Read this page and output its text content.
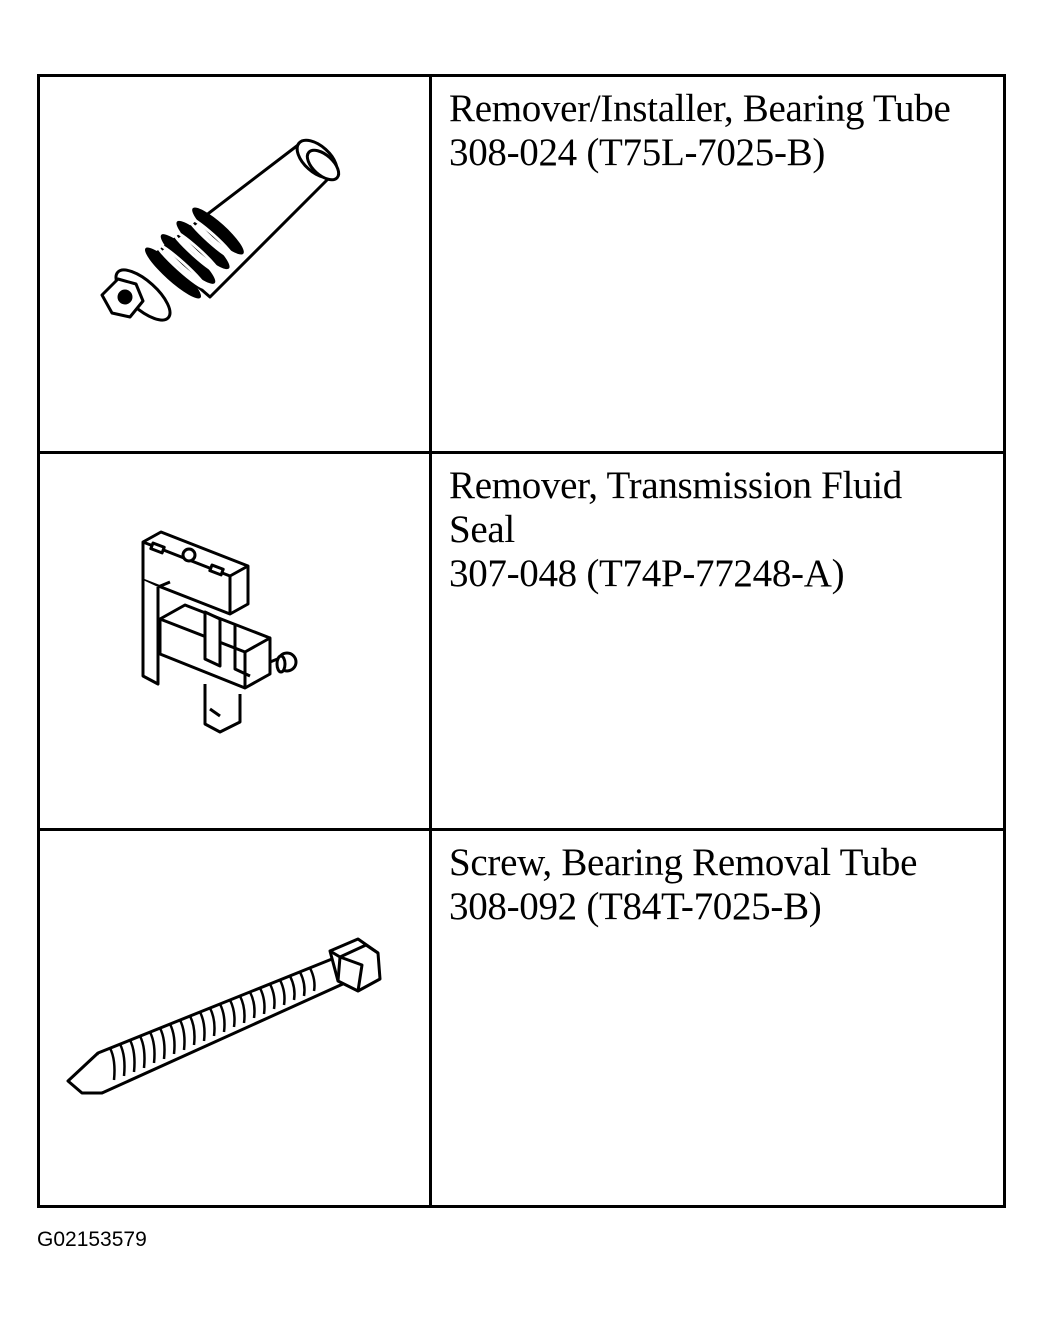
Remover/Installer, Bearing Tube
308-024 (T75L-7025-B)

Remover, Transmission Fluid
Seal
307-048 (T74P-77248-A)

Screw, Bearing Removal Tube
308-092 (T84T-7025-B)
G02153579
